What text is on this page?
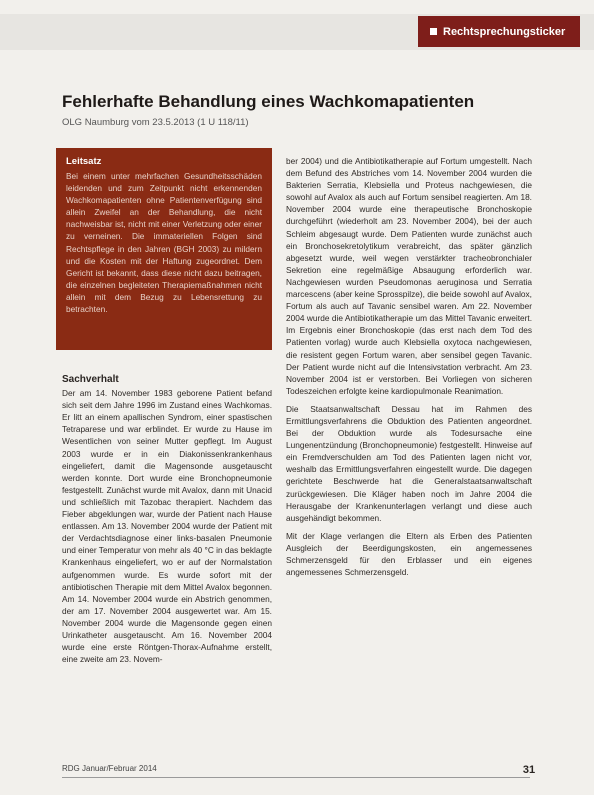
Rechtsprechungsticker
Fehlerhafte Behandlung eines Wachkomapatienten
OLG Naumburg vom 23.5.2013 (1 U 118/11)
Leitsatz

Bei einem unter mehrfachen Gesundheitsschäden leidenden und zum Zeitpunkt nicht erkennenden Wachkomapatienten ohne Patientenverfügung sind allein Zweifel an der Behandlung, die nicht nachweisbar ist, nicht mit einer Verletzung oder einer zu verneinen. Die immateriellen Folgen sind Rechtspflege in den Jahren (BGH 2003) zu mildern und die Kosten mit der Haftung zugeordnet. Dem Gericht ist bekannt, dass diese nicht dazu beitragen, die einzelnen begleiteten Therapiemaßnahmen nicht allein mit dem Bezug zu Lebensrettung zu betrachten.

Sachverhalt

Der am 14. November 1983 geborene Patient befand sich seit dem Jahre 1996 im Zustand eines Wachkomas. Er litt an einem apallischen Syndrom, einer spastischen Tetraparese und war erblindet. Er wurde zu Hause im Wesentlichen von seiner Mutter gepflegt. Im August 2003 wurde er in ein Diakonissenkrankenhaus eingeliefert, damit die Magensonde ausgetauscht werden konnte. Dort wurde eine Bronchopneumonie festgestellt. Zunächst wurde mit Avalox, dann mit Unacid und schließlich mit Tazobac therapiert. Nachdem das Fieber abgeklungen war, wurde der Patient nach Hause entlassen. Am 13. November 2004 wurde der Patient mit der Verdachtsdiagnose einer links-basalen Pneumonie und einer Temperatur von mehr als 40 °C in das beklagte Krankenhaus eingeliefert, wo er auf der Normalstation aufgenommen wurde. Es wurde sofort mit der antibiotischen Therapie mit dem Mittel Avalox begonnen. Am 14. November 2004 wurde ein Abstrich genommen, der am 17. November 2004 ausgewertet war. Am 15. November 2004 wurde die Magensonde gegen einen Urinkatheter ausgetauscht. Am 16. November 2004 wurde eine erste Röntgen-Thorax-Aufnahme erstellt, eine zweite am 23. Novem-

ber 2004) und die Antibiotikatherapie auf Fortum umgestellt. Nach dem Befund des Abstriches vom 14. November 2004 wurden die Bakterien Serratia, Klebsiella und Proteus nachgewiesen, die sowohl auf Avalox als auch auf Fortum sensibel reagierten. Am 18. November 2004 wurde eine therapeutische Bronchoskopie durchgeführt (wiederholt am 23. November 2004), bei der auch Schleim abgesaugt wurde. Dem Patienten wurde zunächst auch ein Bronchosekretolytikum verabreicht, das später gänzlich abgesetzt wurde, weil wegen verstärkter tracheobronchialer Sekretion eine regelmäßige Absaugung erforderlich war. Nachgewiesen wurden Pseudomonas aeruginosa und Serratia marcescens (aber keine Sprosspilze), die beide sowohl auf Avalox, Fortum als auch auf Tavanic sensibel waren. Am 22. November 2004 wurde die Antibiotikatherapie um das Mittel Tavanic erweitert. Im Ergebnis einer Bronchoskopie (das erst nach dem Tod des Patienten vorlag) wurde auch Klebsiella oxytoca nachgewiesen, die resistent gegen Fortum waren, aber sensibel gegen Tavanic. Der Patient wurde nicht auf die Intensivstation verbracht. Am 23. November 2004 ist er verstorben. Bei Vorliegen von sicheren Todeszeichen erfolgte keine kardiopulmonale Reanimation.

Die Staatsanwaltschaft Dessau hat im Rahmen des Ermittlungsverfahrens die Obduktion des Patienten angeordnet. Bei der Obduktion wurde als Todesursache eine Lungenentzündung (Bronchopneumonie) festgestellt. Hinweise auf ein Fremdverschulden am Tod des Patienten lagen nicht vor, weshalb das Ermittlungsverfahren eingestellt wurde. Die dagegen gerichtete Beschwerde hat die Generalstaatsanwaltschaft zurückgewiesen. Die Kläger haben noch im Jahre 2004 die Herausgabe der Krankenunterlagen verlangt und diese auch ausgehändigt bekommen.

Mit der Klage verlangen die Eltern als Erben des Patienten Ausgleich der Beerdigungskosten, ein angemessenes Schmerzensgeld für den Erblasser und ein eigenes angemessenes Schmerzensgeld.

RDG Januar/Februar 2014	31
